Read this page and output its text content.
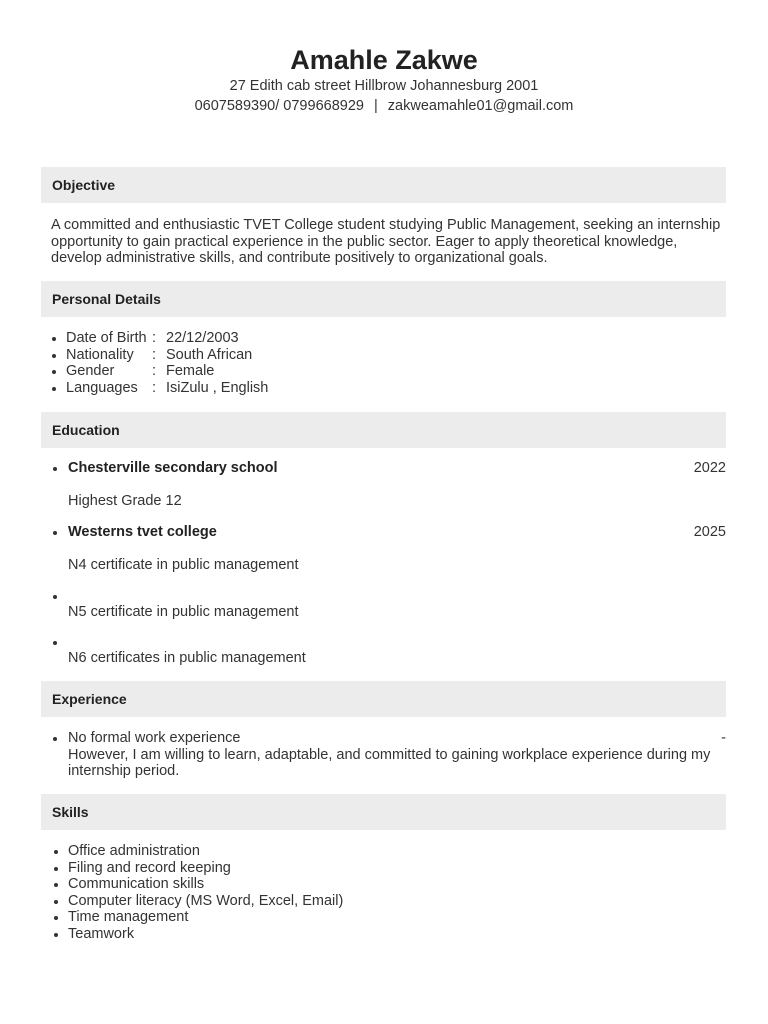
Amahle Zakwe
27 Edith cab street Hillbrow Johannesburg 2001
0607589390/ 0799668929 | zakweamahle01@gmail.com
Objective
A committed and enthusiastic TVET College student studying Public Management, seeking an internship opportunity to gain practical experience in the public sector. Eager to apply theoretical knowledge, develop administrative skills, and contribute positively to organizational goals.
Personal Details
Date of Birth : 22/12/2003
Nationality : South African
Gender	: Female
Languages : IsiZulu , English
Education
Chesterville secondary school	2022
Highest Grade 12
Westerns tvet college	2025
N4 certificate in public management
N5 certificate in public management
N6 certificates in public management
Experience
No formal work experience	-
However, I am willing to learn, adaptable, and committed to gaining workplace experience during my internship period.
Skills
Office administration
Filing and record keeping
Communication skills
Computer literacy (MS Word, Excel, Email)
Time management
Teamwork
